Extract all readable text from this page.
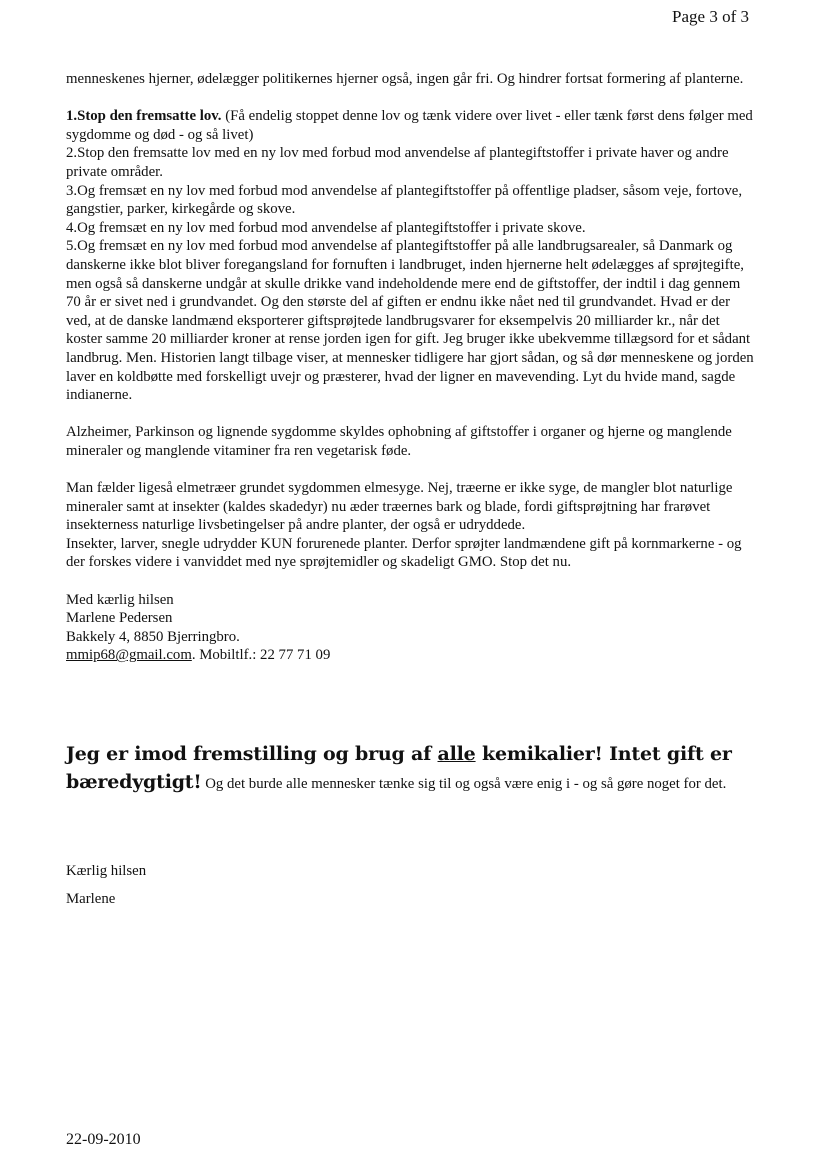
Page 3 of 3

menneskenes hjerner, ødelægger politikernes hjerner også, ingen går fri. Og hindrer fortsat formering af planterne.

1.Stop den fremsatte lov. (Få endelig stoppet denne lov og tænk videre over livet - eller tænk først dens følger med sygdomme og død - og så livet)

2.Stop den fremsatte lov med en ny lov med forbud mod anvendelse af plantegiftstoffer i private haver og andre private områder.

3.Og fremsæt en ny lov med forbud mod anvendelse af plantegiftstoffer på offentlige pladser, såsom veje, fortove, gangstier, parker, kirkegårde og skove.

4.Og fremsæt en ny lov med forbud mod anvendelse af plantegiftstoffer i private skove.

5.Og fremsæt en ny lov med forbud mod anvendelse af plantegiftstoffer på alle landbrugsarealer, så Danmark og danskerne ikke blot bliver foregangsland for fornuften i landbruget, inden hjernerne helt ødelægges af sprøjtegifte, men også så danskerne undgår at skulle drikke vand indeholdende mere end de giftstoffer, der indtil i dag gennem 70 år er sivet ned i grundvandet. Og den største del af giften er endnu ikke nået ned til grundvandet. Hvad er der ved, at de danske landmænd eksporterer giftsprøjtede landbrugsvarer for eksempelvis 20 milliarder kr., når det koster samme 20 milliarder kroner at rense jorden igen for gift. Jeg bruger ikke ubekvemme tillægsord for et sådant landbrug. Men. Historien langt tilbage viser, at mennesker tidligere har gjort sådan, og så dør menneskene og jorden laver en koldbøtte med forskelligt uvejr og præsterer, hvad der ligner en mavevending. Lyt du hvide mand, sagde indianerne.

Alzheimer, Parkinson og lignende sygdomme skyldes ophobning af giftstoffer i organer og hjerne og manglende mineraler og manglende vitaminer fra ren vegetarisk føde.

Man fælder ligeså elmetræer grundet sygdommen elmesyge. Nej, træerne er ikke syge, de mangler blot naturlige mineraler samt at insekter (kaldes skadedyr) nu æder træernes bark og blade, fordi giftsprøjtning har frarøvet insekterness naturlige livsbetingelser på andre planter, der også er udryddede.

Insekter, larver, snegle udrydder KUN forurenede planter. Derfor sprøjter landmændene gift på kornmarkerne - og der forskes videre i vanviddet med nye sprøjtemidler og skadeligt GMO. Stop det nu.

Med kærlig hilsen

Marlene Pedersen

Bakkely 4, 8850 Bjerringbro.

mmip68@gmail.com. Mobiltlf.: 22 77 71 09

Jeg er imod fremstilling og brug af alle kemikalier! Intet gift er
bæredygtigt! Og det burde alle mennesker tænke sig til og også være enig i - og så gøre noget for det.
Kærlig hilsen
Marlene
22-09-2010
